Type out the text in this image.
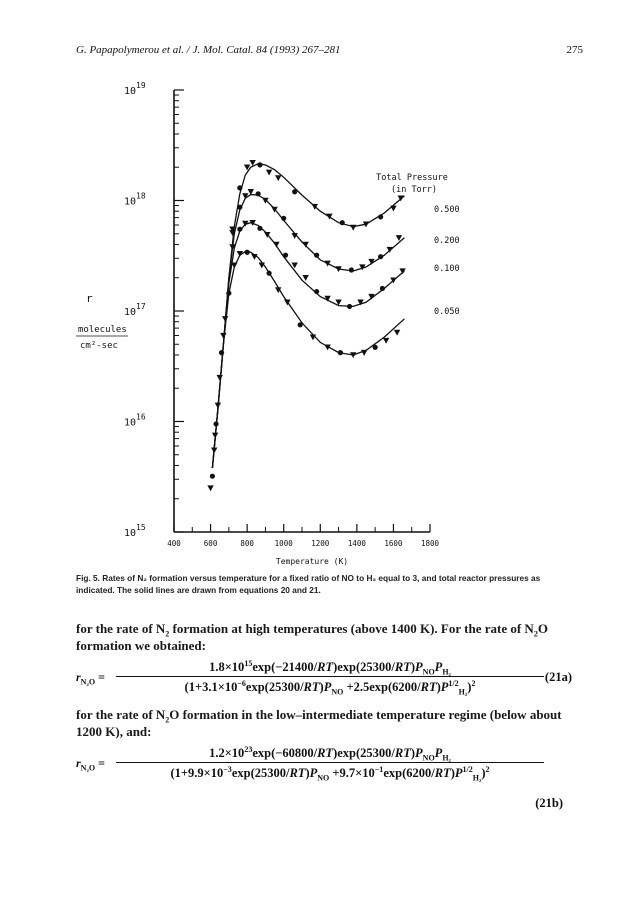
G. Papapolymerou et al. / J. Mol. Catal. 84 (1993) 267–281	275
$10^{15}$
$10^{16}$
$10^{17}$
$10^{18}$
$10^{19}$
400	600	800	1000 1200 1400 1600 1800
Total Pressure
(in Torr)
0.500
0.200
0.100
0.050
Temperature (K)
r
molecules
cm²-sec
Fig. 5. Rates of N₂ formation versus temperature for a fixed ratio of NO to H₂ equal to 3, and total reactor pressures as indicated. The solid lines are drawn from equations 20 and 21.
for the rate of $N_2$ formation at high temperatures (above 1400 K). For the rate of $N_2O$ formation we obtained:
$r_{N_2O}$ =
$1.8\times 10^{15}\exp(-21400/RT)\exp(25300/RT)P_{NO}P_{H_2}$
$(1+3.1\times 10^{-6}\exp(25300/RT)P_{NO} +2.5\exp(6200/RT)P^{1/2}_{H_2})^2$	(21a)
for the rate of $N_2O$ formation in the low–intermediate temperature regime (below about 1200 K), and:
$r_{N_2O}$ =
$1.2\times 10^{23}\exp(-60800/RT)\exp(25300/RT)P_{NO}P_{H_2}$
$(1+9.9\times 10^{-3}\exp(25300/RT)P_{NO} +9.7\times 10^{-1}\exp(6200/RT)P^{1/2}_{H_2})^2$
(21b)
